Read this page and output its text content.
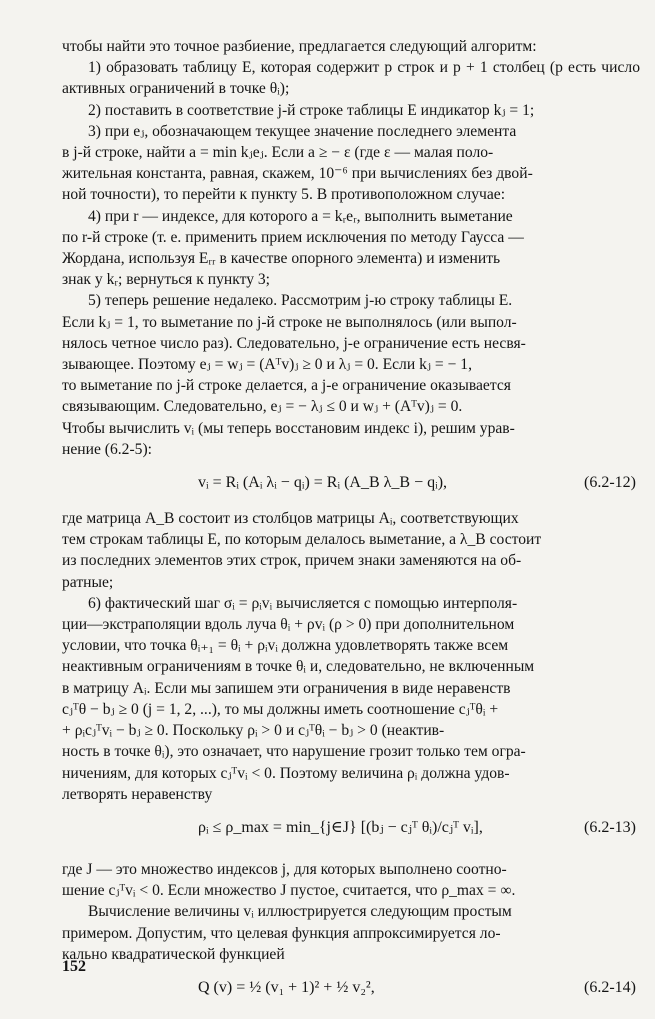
чтобы найти это точное разбиение, предлагается следующий алгоритм:
1) образовать таблицу E, которая содержит p строк и p + 1 столбец (p есть число активных ограничений в точке θᵢ);
2) поставить в соответствие j-й строке таблицы E индикатор kⱼ = 1;
3) при eⱼ, обозначающем текущее значение последнего элемента
в j-й строке, найти a = min kⱼeⱼ. Если a ≥ − ε (где ε — малая поло-
жительная константа, равная, скажем, 10⁻⁶ при вычислениях без двой-
ной точности), то перейти к пункту 5. В противоположном случае:
4) при r — индексе, для которого a = kᵣeᵣ, выполнить выметание
по r-й строке (т. е. применить прием исключения по методу Гаусса —
Жордана, используя Eᵣᵣ в качестве опорного элемента) и изменить
знак у kᵣ; вернуться к пункту 3;
5) теперь решение недалеко. Рассмотрим j-ю строку таблицы E.
Если kⱼ = 1, то выметание по j-й строке не выполнялось (или выпол-
нялось четное число раз). Следовательно, j-е ограничение есть несвя-
зывающее. Поэтому eⱼ = wⱼ = (Aᵀv)ⱼ ≥ 0 и λⱼ = 0. Если kⱼ = − 1,
то выметание по j-й строке делается, а j-е ограничение оказывается
связывающим. Следовательно, eⱼ = − λⱼ ≤ 0 и wⱼ + (Aᵀv)ⱼ = 0.
Чтобы вычислить vᵢ (мы теперь восстановим индекс i), решим урав-
нение (6.2-5):
vᵢ = Rᵢ (Aᵢ λᵢ − qᵢ) = Rᵢ (A_B λ_B − qᵢ),	(6.2-12)
где матрица A_B состоит из столбцов матрицы Aᵢ, соответствующих
тем строкам таблицы E, по которым делалось выметание, а λ_B состоит
из последних элементов этих строк, причем знаки заменяются на об-
ратные;
6) фактический шаг σᵢ = ρᵢvᵢ вычисляется с помощью интерполя-
ции—экстраполяции вдоль луча θᵢ + ρvᵢ (ρ > 0) при дополнительном
условии, что точка θᵢ₊₁ = θᵢ + ρᵢvᵢ должна удовлетворять также всем
неактивным ограничениям в точке θᵢ и, следовательно, не включенным
в матрицу Aᵢ. Если мы запишем эти ограничения в виде неравенств
cⱼᵀθ − bⱼ ≥ 0 (j = 1, 2, ...), то мы должны иметь соотношение cⱼᵀθᵢ +
+ ρᵢcⱼᵀvᵢ − bⱼ ≥ 0. Поскольку ρᵢ > 0 и cⱼᵀθᵢ − bⱼ > 0 (неактив-
ность в точке θᵢ), это означает, что нарушение грозит только тем огра-
ничениям, для которых cⱼᵀvᵢ < 0. Поэтому величина ρᵢ должна удов-
летворять неравенству
ρᵢ ≤ ρ_max = min_{j∈J} [(bⱼ − cⱼᵀ θᵢ)/cⱼᵀ vᵢ],	(6.2-13)
где J — это множество индексов j, для которых выполнено соотно-
шение cⱼᵀvᵢ < 0. Если множество J пустое, считается, что ρ_max = ∞.
Вычисление величины vᵢ иллюстрируется следующим простым
примером. Допустим, что целевая функция аппроксимируется ло-
кально квадратической функцией
Q (v) = ½ (v₁ + 1)² + ½ v₂²,	(6.2-14)
152
